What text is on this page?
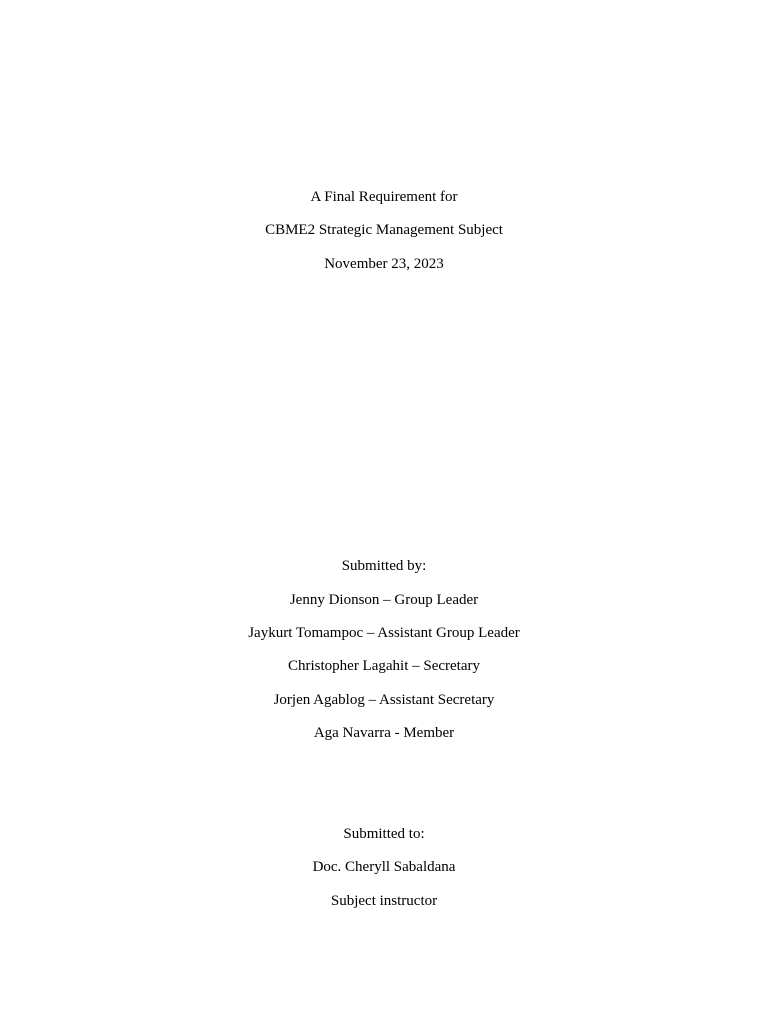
A Final Requirement for
CBME2 Strategic Management Subject
November 23, 2023
Submitted by:
Jenny Dionson – Group Leader
Jaykurt Tomampoc – Assistant Group Leader
Christopher Lagahit – Secretary
Jorjen Agablog – Assistant Secretary
Aga Navarra - Member
Submitted to:
Doc. Cheryll Sabaldana
Subject instructor
